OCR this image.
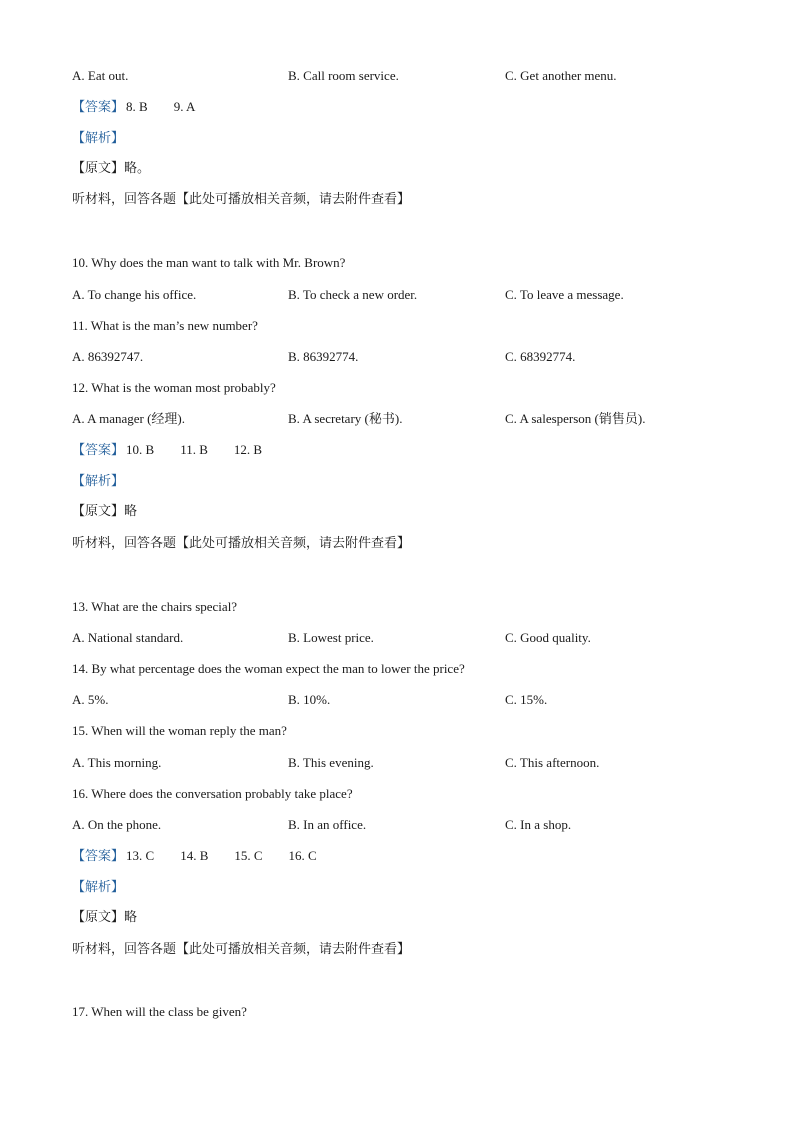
A. Eat out.	B. Call room service.	C. Get another menu.
【答案】 8. B 9. A
【解析】
【原文】略。
听材料，回答各题【此处可播放相关音频，请去附件查看】
10. Why does the man want to talk with Mr. Brown?
A. To change his office.	B. To check a new order.	C. To leave a message.
11. What is the man’s new number?
A. 86392747.	B. 86392774.	C. 68392774.
12. What is the woman most probably?
A. A manager (经理).	B. A secretary (秘书).	C. A salesperson (销售员).
【答案】 10. B 11. B 12. B
【解析】
【原文】略
听材料，回答各题【此处可播放相关音频，请去附件查看】
13. What are the chairs special?
A. National standard.	B. Lowest price.	C. Good quality.
14. By what percentage does the woman expect the man to lower the price?
A. 5%.	B. 10%.	C. 15%.
15. When will the woman reply the man?
A. This morning.	B. This evening.	C. This afternoon.
16. Where does the conversation probably take place?
A. On the phone.	B. In an office.	C. In a shop.
【答案】 13. C 14. B 15. C 16. C
【解析】
【原文】略
听材料，回答各题【此处可播放相关音频，请去附件查看】
17. When will the class be given?
